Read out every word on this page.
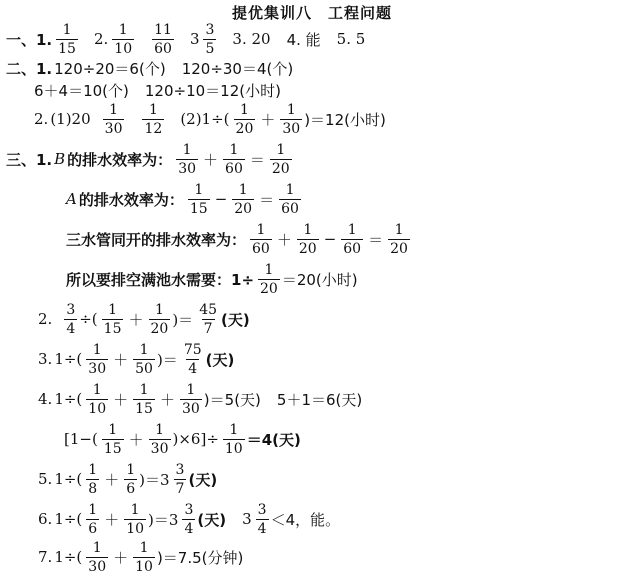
提优集训八　工程问题
一、1. $\frac{1}{15} 2$. $\frac{1}{10} \frac{11}{60} 3 \frac{3}{5} 3$. 20 4. 能 5. 5
二、1. 120÷20＝6(个) 120÷30＝4(个)
6＋4＝10(个) 120÷10＝12(小时)
2. $(1)20 \frac{1}{30} \frac{1}{12} (2)1\div( \frac{1}{20} + \frac{1}{30} )=12$(小时)
三、1. B 的排水效率为： $\frac{1}{30} + \frac{1}{60} = \frac{1}{20}$
A 的排水效率为： $\frac{1}{15} - \frac{1}{20} = \frac{1}{60}$
三水管同开的排水效率为： $\frac{1}{60} + \frac{1}{20} - \frac{1}{60} = \frac{1}{20}$
所以要排空满池水需要：$1\div \frac{1}{20} =20$(小时)
2. $\frac{3}{4}$ ÷( $\frac{1}{15} + \frac{1}{20}$ )＝ $\frac{45}{7}$ (天)
3. $1\div( \frac{1}{30} + \frac{1}{50}$ )＝ $\frac{75}{4}$ (天)
4. $1\div( \frac{1}{10} + \frac{1}{15} + \frac{1}{30} )=5$(天) 5＋1＝6(天)
$[1-( \frac{1}{15} + \frac{1}{30} )\times 6]\div \frac{1}{10} =4$(天)
5. $1\div( \frac{1}{8} + \frac{1}{6} )=3 \frac{3}{7}$ (天)
6. $1\div( \frac{1}{6} + \frac{1}{10} )=3 \frac{3}{4}$ (天) $3 \frac{3}{4} <4$，能。
7. $1\div( \frac{1}{30} + \frac{1}{10} )=7.5$(分钟)
